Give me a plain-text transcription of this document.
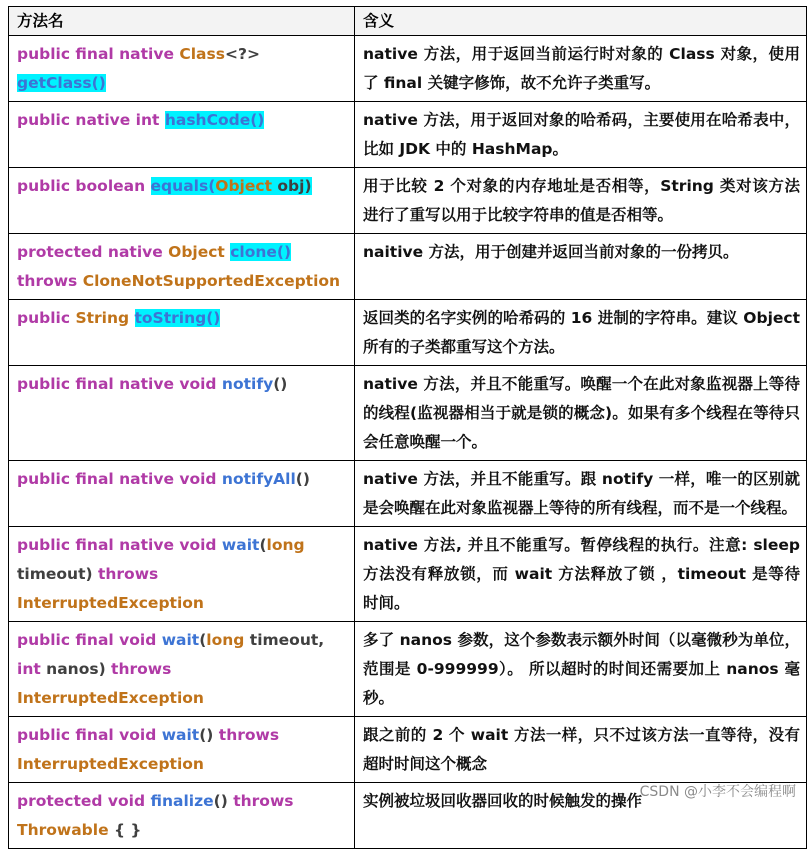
方法名	含义
public final native Class<?> getClass()	native 方法，用于返回当前运行时对象的 Class 对象，使用了 final 关键字修饰，故不允许子类重写。
public native int hashCode()	native 方法，用于返回对象的哈希码，主要使用在哈希表中，比如 JDK 中的 HashMap。
public boolean equals(Object obj)	用于比较 2 个对象的内存地址是否相等，String 类对该方法进行了重写以用于比较字符串的值是否相等。
protected native Object clone() throws CloneNotSupportedException	naitive 方法，用于创建并返回当前对象的一份拷贝。
public String toString()	返回类的名字实例的哈希码的 16 进制的字符串。建议 Object 所有的子类都重写这个方法。
public final native void notify()	native 方法，并且不能重写。唤醒一个在此对象监视器上等待的线程(监视器相当于就是锁的概念)。如果有多个线程在等待只会任意唤醒一个。
public final native void notifyAll()	native 方法，并且不能重写。跟 notify 一样，唯一的区别就是会唤醒在此对象监视器上等待的所有线程，而不是一个线程。
public final native void wait(long timeout) throws InterruptedException	native 方法, 并且不能重写。暂停线程的执行。注意: sleep 方法没有释放锁，而 wait 方法释放了锁 ，timeout 是等待时间。
public final void wait(long timeout, int nanos) throws InterruptedException	多了 nanos 参数，这个参数表示额外时间（以毫微秒为单位，范围是 0-999999）。 所以超时的时间还需要加上 nanos 毫秒。
public final void wait() throws InterruptedException	跟之前的 2 个 wait 方法一样，只不过该方法一直等待，没有超时时间这个概念
protected void finalize() throws Throwable { }	实例被垃圾回收器回收的时候触发的操作
CSDN @小李不会编程啊
